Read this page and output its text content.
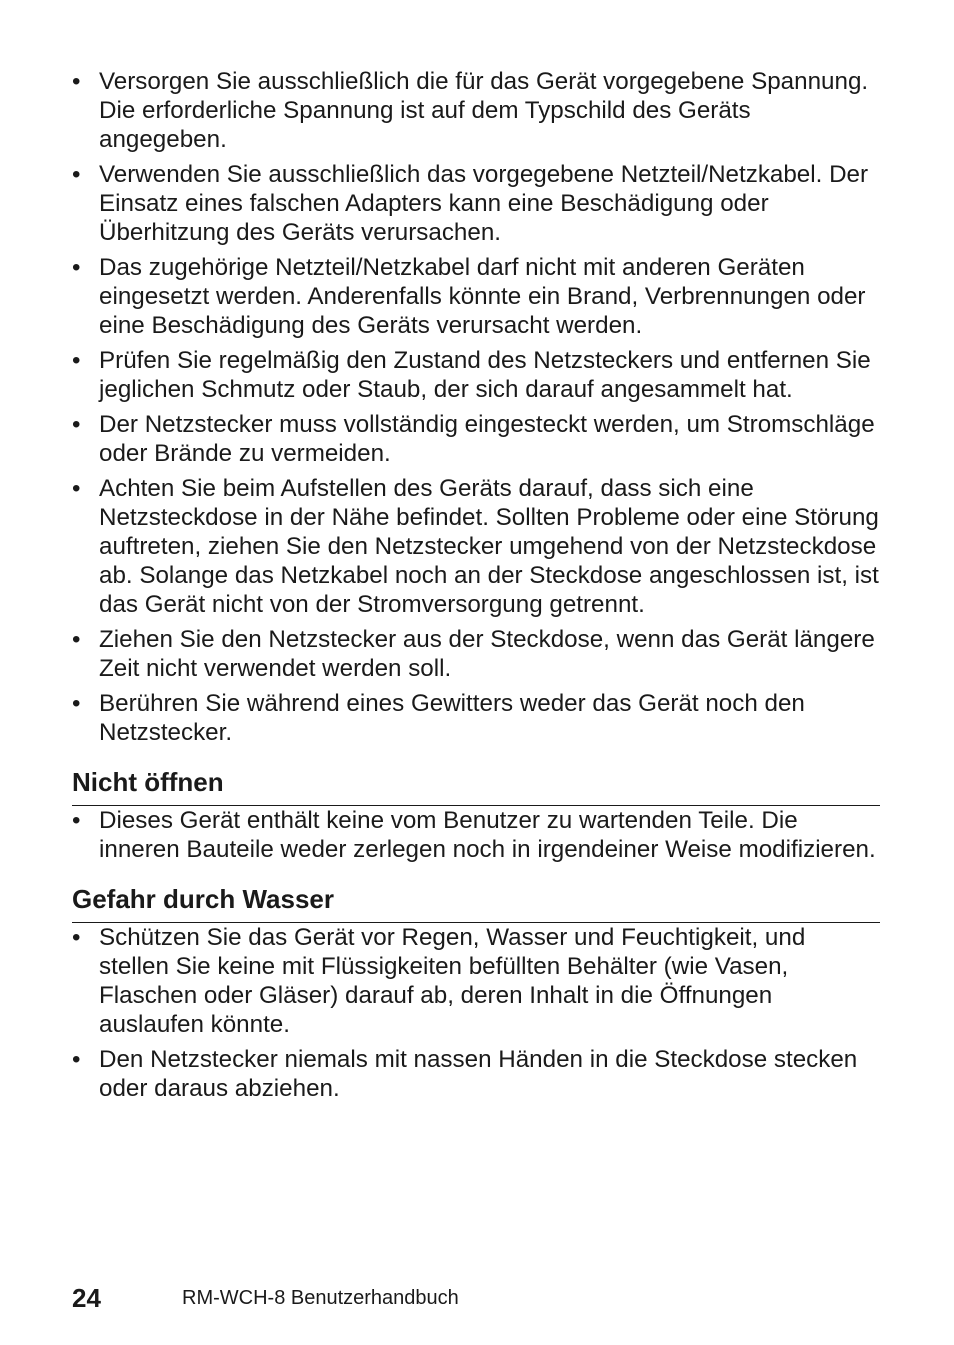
• Versorgen Sie ausschließlich die für das Gerät vorgegebene Spannung. Die erforderliche Spannung ist auf dem Typschild des Geräts angegeben.
• Verwenden Sie ausschließlich das vorgegebene Netzteil/Netzkabel. Der Einsatz eines falschen Adapters kann eine Beschädigung oder Überhitzung des Geräts verursachen.
• Das zugehörige Netzteil/Netzkabel darf nicht mit anderen Geräten eingesetzt werden. Anderenfalls könnte ein Brand, Verbrennungen oder eine Beschädigung des Geräts verursacht werden.
• Prüfen Sie regelmäßig den Zustand des Netzsteckers und entfernen Sie jeglichen Schmutz oder Staub, der sich darauf angesammelt hat.
• Der Netzstecker muss vollständig eingesteckt werden, um Stromschläge oder Brände zu vermeiden.
• Achten Sie beim Aufstellen des Geräts darauf, dass sich eine Netzsteckdose in der Nähe befindet. Sollten Probleme oder eine Störung auftreten, ziehen Sie den Netzstecker umgehend von der Netzsteckdose ab. Solange das Netzkabel noch an der Steckdose angeschlossen ist, ist das Gerät nicht von der Stromversorgung getrennt.
• Ziehen Sie den Netzstecker aus der Steckdose, wenn das Gerät längere Zeit nicht verwendet werden soll.
• Berühren Sie während eines Gewitters weder das Gerät noch den Netzstecker.
Nicht öffnen
• Dieses Gerät enthält keine vom Benutzer zu wartenden Teile. Die inneren Bauteile weder zerlegen noch in irgendeiner Weise modifizieren.
Gefahr durch Wasser
• Schützen Sie das Gerät vor Regen, Wasser und Feuchtigkeit, und stellen Sie keine mit Flüssigkeiten befüllten Behälter (wie Vasen, Flaschen oder Gläser) darauf ab, deren Inhalt in die Öffnungen auslaufen könnte.
• Den Netzstecker niemals mit nassen Händen in die Steckdose stecken oder daraus abziehen.
24	RM-WCH-8 Benutzerhandbuch
